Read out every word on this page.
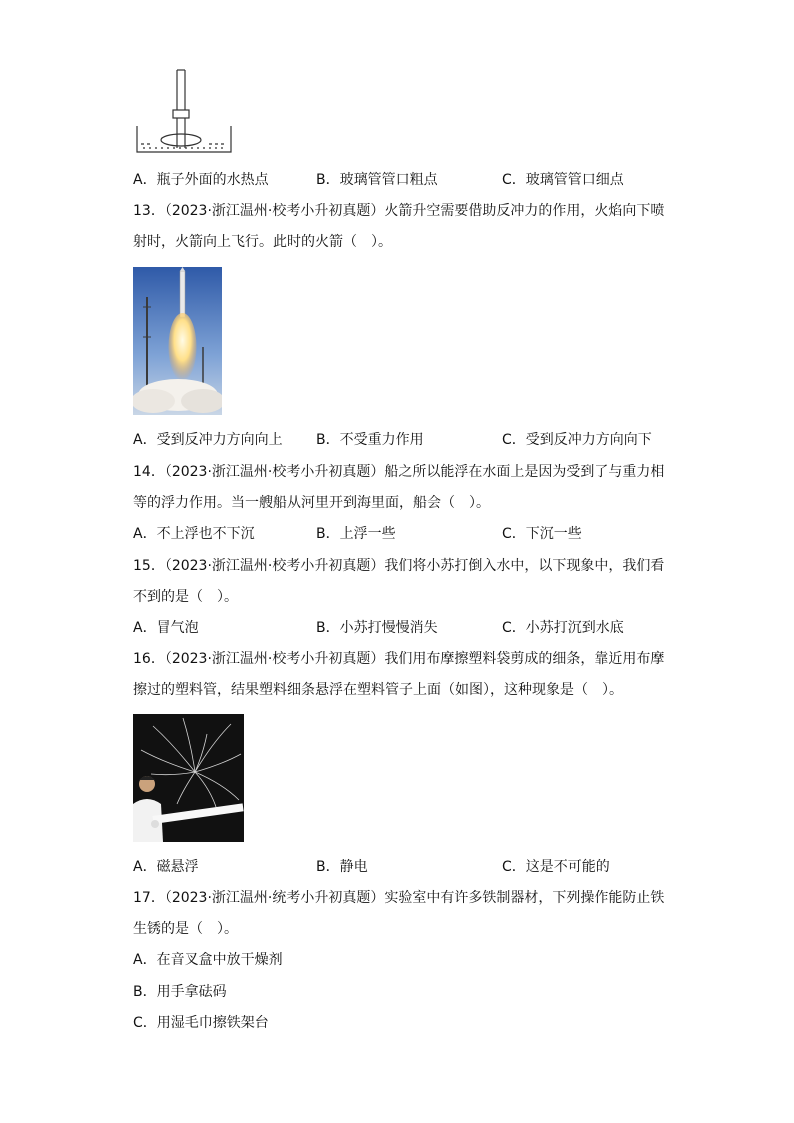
A．瓶子外面的水热点	B．玻璃管管口粗点	C．玻璃管管口细点
13．（2023·浙江温州·校考小升初真题）火箭升空需要借助反冲力的作用，火焰向下喷
射时，火箭向上飞行。此时的火箭（　）。
A．受到反冲力方向向上 B．不受重力作用	C．受到反冲力方向向下
14．（2023·浙江温州·校考小升初真题）船之所以能浮在水面上是因为受到了与重力相
等的浮力作用。当一艘船从河里开到海里面，船会（　）。
A．不上浮也不下沉	B．上浮一些	C．下沉一些
15．（2023·浙江温州·校考小升初真题）我们将小苏打倒入水中，以下现象中，我们看
不到的是（　）。
A．冒气泡	B．小苏打慢慢消失	C．小苏打沉到水底
16．（2023·浙江温州·校考小升初真题）我们用布摩擦塑料袋剪成的细条，靠近用布摩
擦过的塑料管，结果塑料细条悬浮在塑料管子上面（如图），这种现象是（　）。
A．磁悬浮	B．静电	C．这是不可能的
17．（2023·浙江温州·统考小升初真题）实验室中有许多铁制器材，下列操作能防止铁
生锈的是（　）。
A．在音叉盒中放干燥剂
B．用手拿砝码
C．用湿毛巾擦铁架台
